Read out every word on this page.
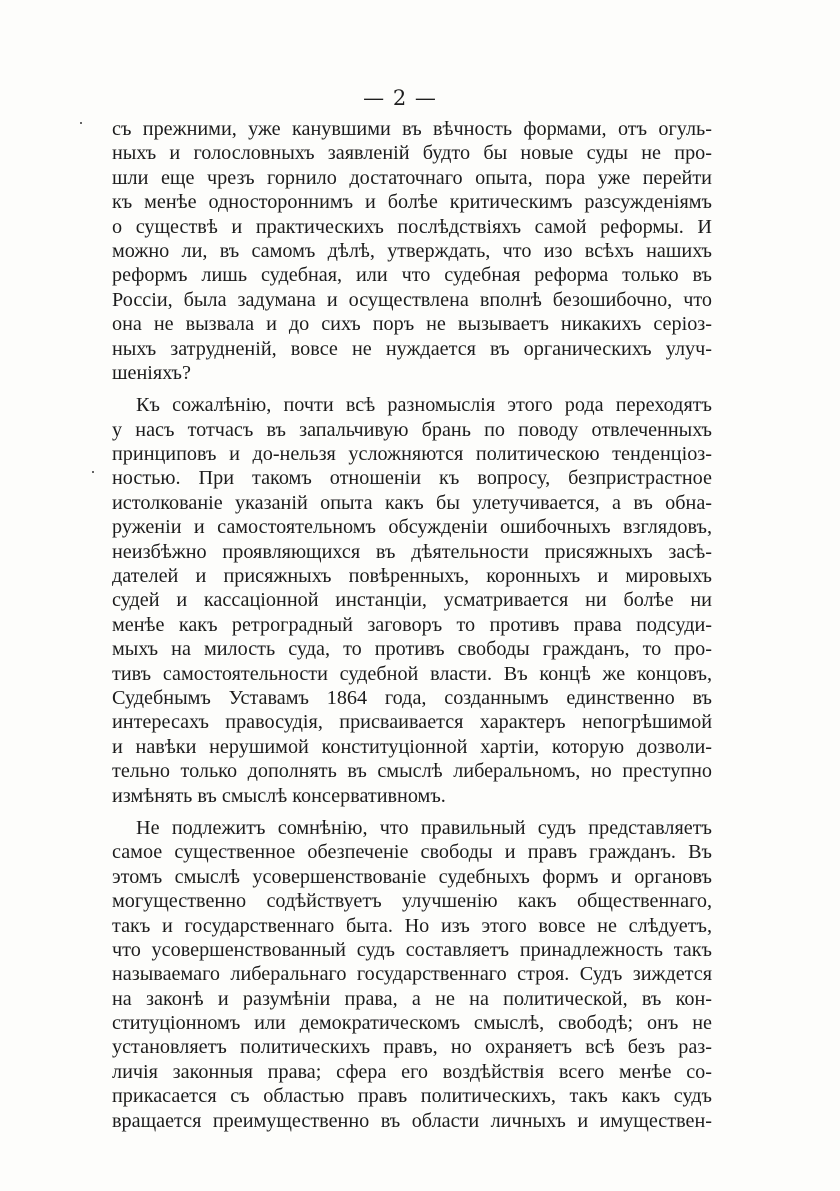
— 2 —
съ прежними, уже канувшими въ вѣчность формами, отъ огуль-
ныхъ и голословныхъ заявленій будто бы новые суды не про-
шли еще чрезъ горнило достаточнаго опыта, пора уже перейти
къ менѣе одностороннимъ и болѣе критическимъ разсужденіямъ
о существѣ и практическихъ послѣдствіяхъ самой реформы. И
можно ли, въ самомъ дѣлѣ, утверждать, что изо всѣхъ нашихъ
реформъ лишь судебная, или что судебная реформа только въ
Россіи, была задумана и осуществлена вполнѣ безошибочно, что
она не вызвала и до сихъ поръ не вызываетъ никакихъ серіоз-
ныхъ затрудненій, вовсе не нуждается въ органическихъ улуч-
шеніяхъ?
Къ сожалѣнію, почти всѣ разномыслія этого рода переходятъ
у насъ тотчасъ въ запальчивую брань по поводу отвлеченныхъ
принциповъ и до-нельзя усложняются политическою тенденціоз-
ностью. При такомъ отношеніи къ вопросу, безпристрастное
истолкованіе указаній опыта какъ бы улетучивается, а въ обна-
руженіи и самостоятельномъ обсужденіи ошибочныхъ взглядовъ,
неизбѣжно проявляющихся въ дѣятельности присяжныхъ засѣ-
дателей и присяжныхъ повѣренныхъ, коронныхъ и мировыхъ
судей и кассаціонной инстанціи, усматривается ни болѣе ни
менѣе какъ ретроградный заговоръ то противъ права подсуди-
мыхъ на милость суда, то противъ свободы гражданъ, то про-
тивъ самостоятельности судебной власти. Въ концѣ же концовъ,
Судебнымъ Уставамъ 1864 года, созданнымъ единственно въ
интересахъ правосудія, присваивается характеръ непогрѣшимой
и навѣки нерушимой конституціонной хартіи, которую дозволи-
тельно только дополнять въ смыслѣ либеральномъ, но преступно
измѣнять въ смыслѣ консервативномъ.
Не подлежитъ сомнѣнію, что правильный судъ представляетъ
самое существенное обезпеченіе свободы и правъ гражданъ. Въ
этомъ смыслѣ усовершенствованіе судебныхъ формъ и органовъ
могущественно содѣйствуетъ улучшенію какъ общественнаго,
такъ и государственнаго быта. Но изъ этого вовсе не слѣдуетъ,
что усовершенствованный судъ составляетъ принадлежность такъ
называемаго либеральнаго государственнаго строя. Судъ зиждется
на законѣ и разумѣніи права, а не на политической, въ кон-
ституціонномъ или демократическомъ смыслѣ, свободѣ; онъ не
установляетъ политическихъ правъ, но охраняетъ всѣ безъ раз-
личія законныя права; сфера его воздѣйствія всего менѣе со-
прикасается съ областью правъ политическихъ, такъ какъ судъ
вращается преимущественно въ области личныхъ и имуществен-
